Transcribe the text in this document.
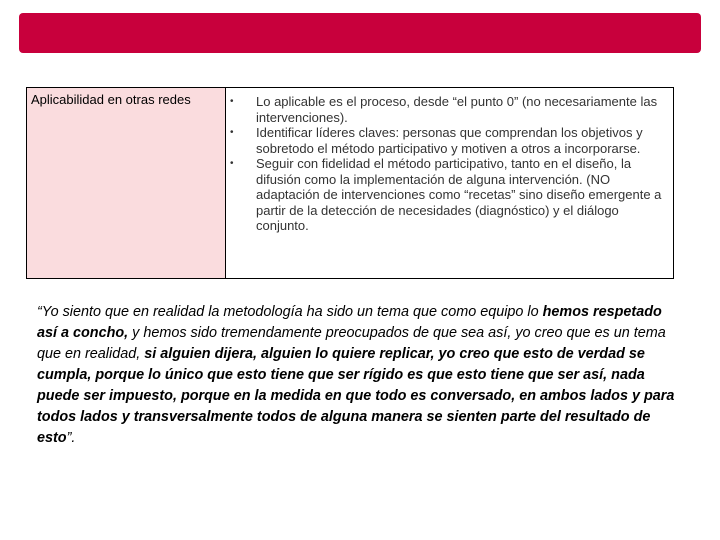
Aplicabilidad en otras redes	• Lo aplicable es el proceso, desde “el punto 0” (no necesariamente las intervenciones).
• Identificar líderes claves: personas que comprendan los objetivos y sobretodo el método participativo y motiven a otros a incorporarse.
• Seguir con fidelidad el método participativo, tanto en el diseño, la difusión como la implementación de alguna intervención. (NO adaptación de intervenciones como “recetas” sino diseño emergente a partir de la detección de necesidades (diagnóstico) y el diálogo conjunto.
“Yo siento que en realidad la metodología ha sido un tema que como equipo lo hemos respetado así a concho, y hemos sido tremendamente preocupados de que sea así, yo creo que es un tema que en realidad, si alguien dijera, alguien lo quiere replicar, yo creo que esto de verdad se cumpla, porque lo único que esto tiene que ser rígido es que esto tiene que ser así, nada puede ser impuesto, porque en la medida en que todo es conversado, en ambos lados y para todos lados y transversalmente todos de alguna manera se sienten parte del resultado de esto”.
